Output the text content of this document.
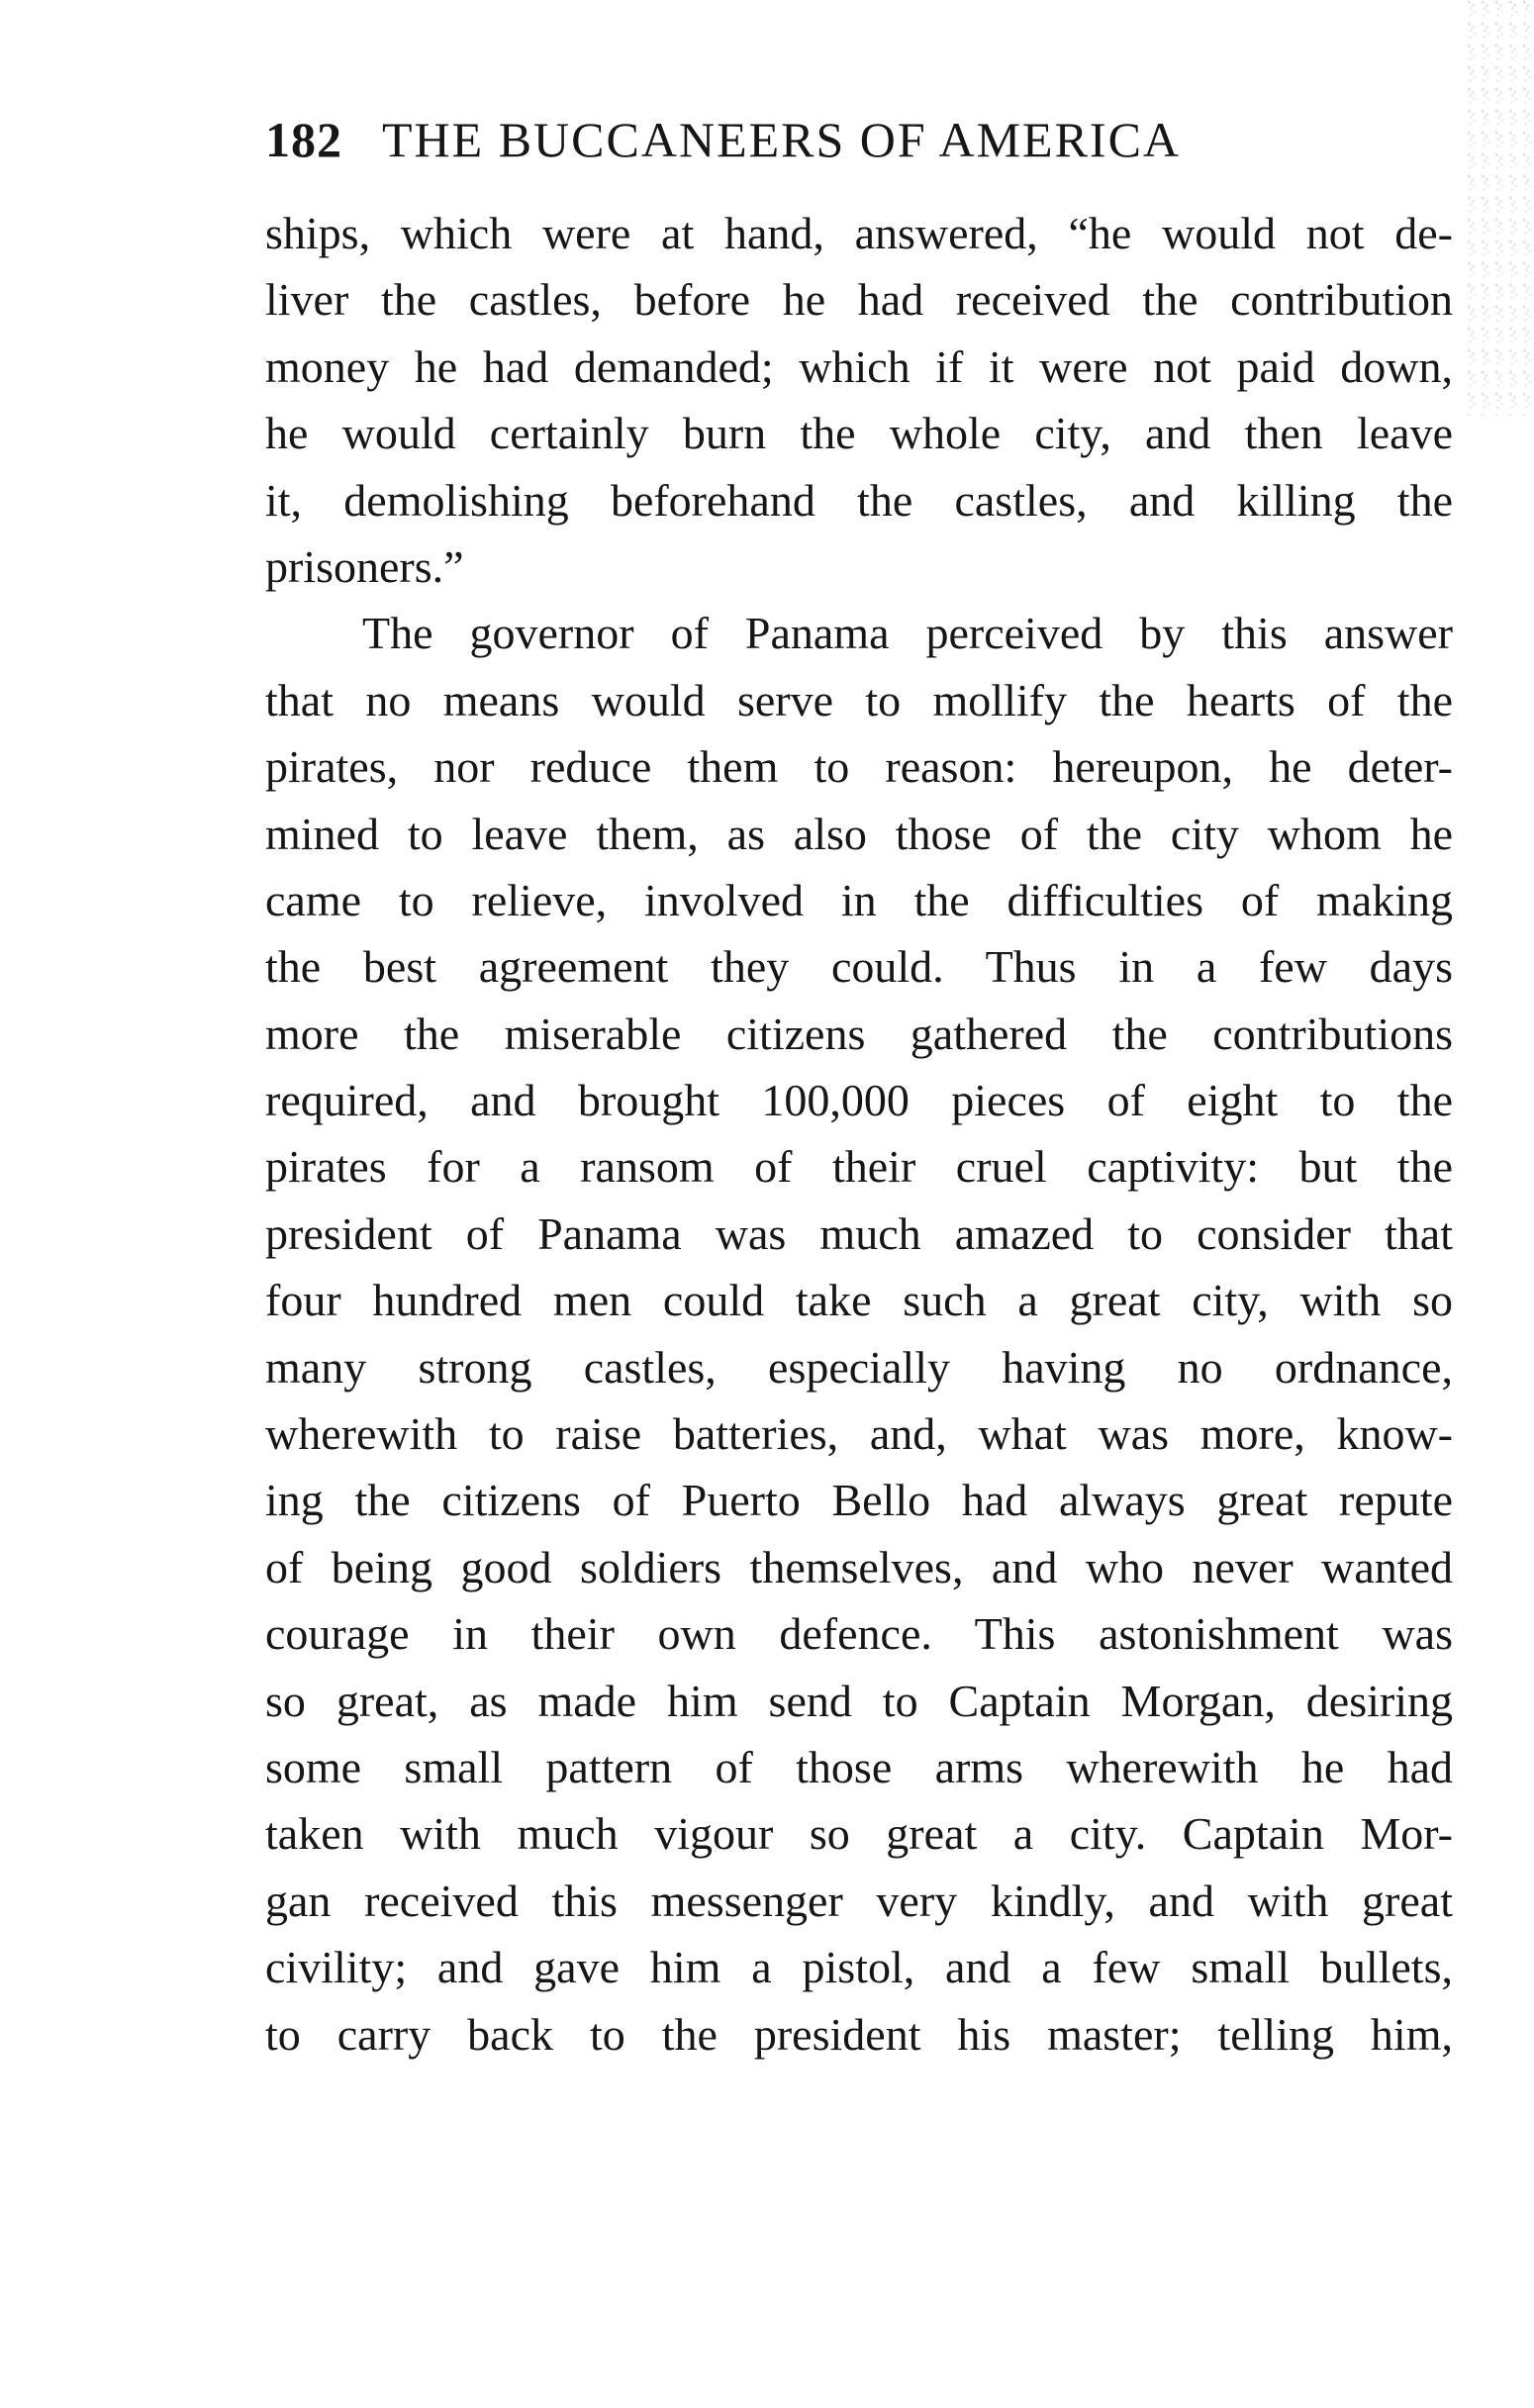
182 THE BUCCANEERS OF AMERICA
ships, which were at hand, answered, “he would not de-
liver the castles, before he had received the contribution
money he had demanded; which if it were not paid down,
he would certainly burn the whole city, and then leave
it, demolishing beforehand the castles, and killing the
prisoners.”
The governor of Panama perceived by this answer
that no means would serve to mollify the hearts of the
pirates, nor reduce them to reason: hereupon, he deter-
mined to leave them, as also those of the city whom he
came to relieve, involved in the difficulties of making
the best agreement they could. Thus in a few days
more the miserable citizens gathered the contributions
required, and brought 100,000 pieces of eight to the
pirates for a ransom of their cruel captivity: but the
president of Panama was much amazed to consider that
four hundred men could take such a great city, with so
many strong castles, especially having no ordnance,
wherewith to raise batteries, and, what was more, know-
ing the citizens of Puerto Bello had always great repute
of being good soldiers themselves, and who never wanted
courage in their own defence. This astonishment was
so great, as made him send to Captain Morgan, desiring
some small pattern of those arms wherewith he had
taken with much vigour so great a city. Captain Mor-
gan received this messenger very kindly, and with great
civility; and gave him a pistol, and a few small bullets,
to carry back to the president his master; telling him,
